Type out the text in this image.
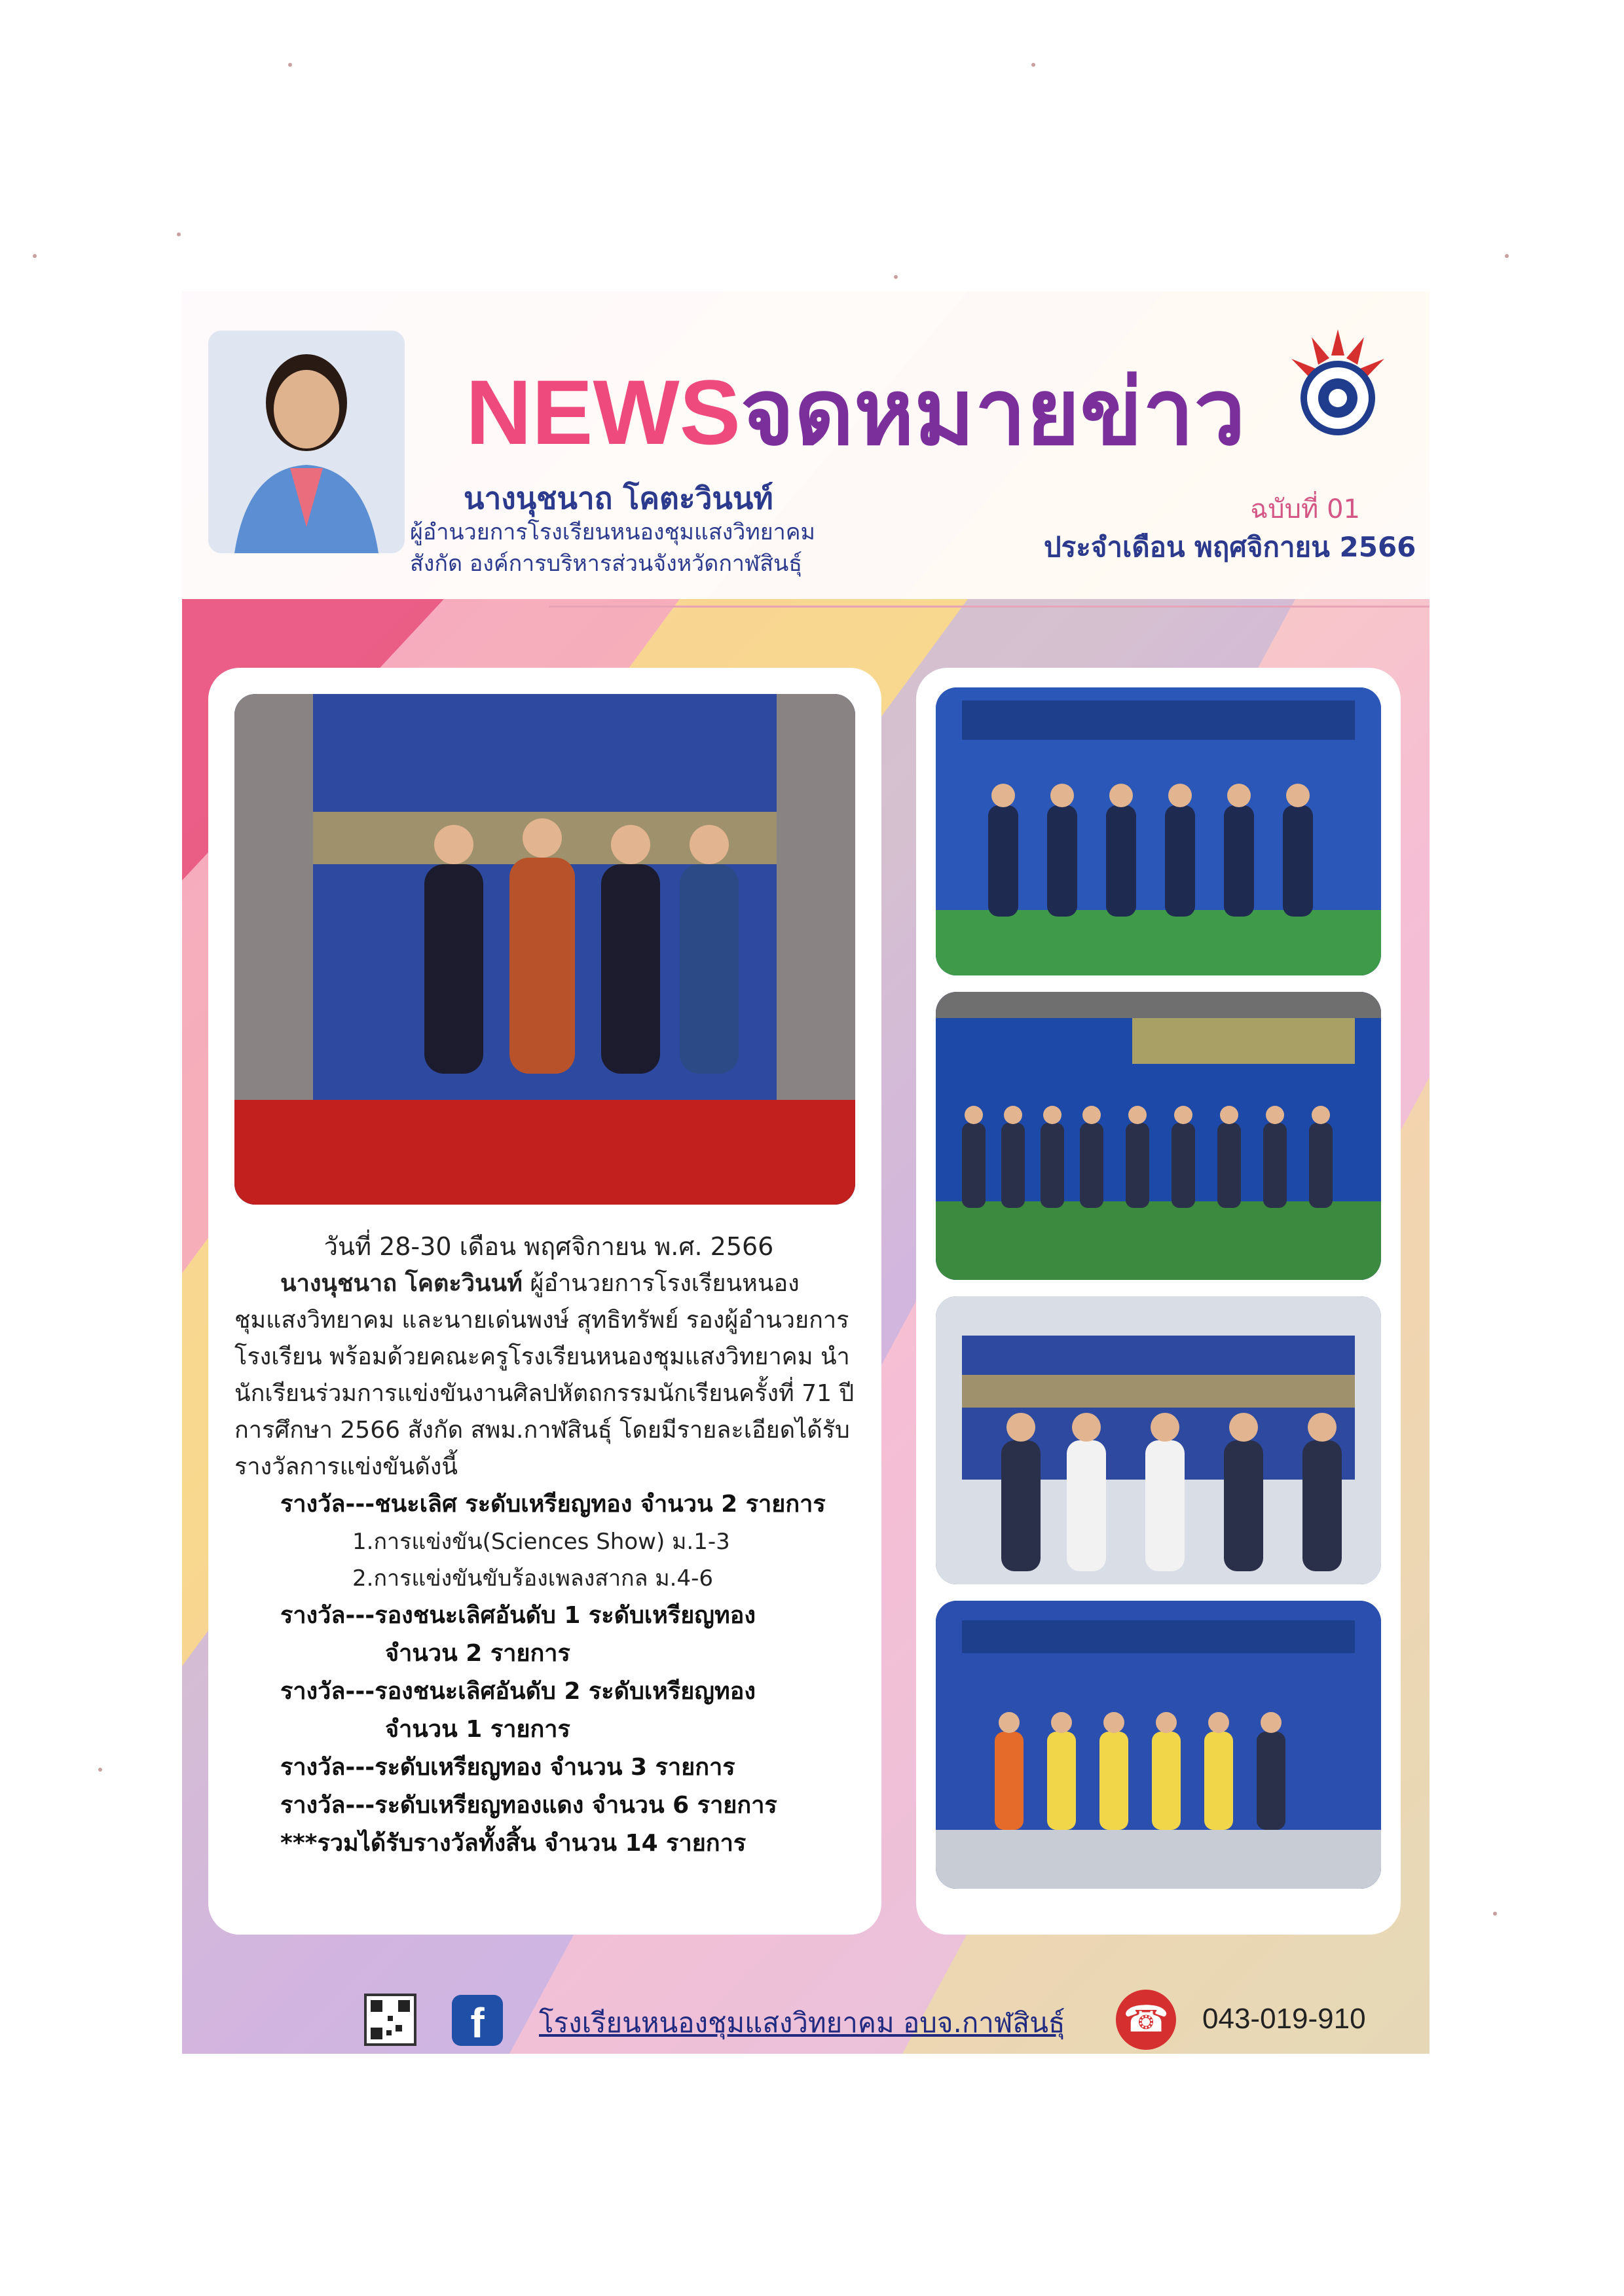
NEWSจดหมายข่าว
นางนุชนาถ โคตะวินนท์
ผู้อำนวยการโรงเรียนหนองชุมแสงวิทยาคม
สังกัด องค์การบริหารส่วนจังหวัดกาฬสินธุ์
ฉบับที่ 01
ประจำเดือน พฤศจิกายน 2566

วันที่ 28-30 เดือน พฤศจิกายน พ.ศ. 2566

นางนุชนาถ โคตะวินนท์ ผู้อำนวยการโรงเรียนหนองชุมแสงวิทยาคม และนายเด่นพงษ์ สุทธิทรัพย์ รองผู้อำนวยการโรงเรียน พร้อมด้วยคณะครูโรงเรียนหนองชุมแสงวิทยาคม นำนักเรียนร่วมการแข่งขันงานศิลปหัตถกรรมนักเรียนครั้งที่ 71 ปีการศึกษา 2566 สังกัด สพม.กาฬสินธุ์ โดยมีรายละเอียดได้รับรางวัลการแข่งขันดังนี้

รางวัล---ชนะเลิศ ระดับเหรียญทอง จำนวน 2 รายการ

1.การแข่งขัน(Sciences Show) ม.1-3

2.การแข่งขันขับร้องเพลงสากล ม.4-6

รางวัล---รองชนะเลิศอันดับ 1 ระดับเหรียญทอง

จำนวน 2 รายการ

รางวัล---รองชนะเลิศอันดับ 2 ระดับเหรียญทอง

จำนวน 1 รายการ

รางวัล---ระดับเหรียญทอง จำนวน 3 รายการ

รางวัล---ระดับเหรียญทองแดง จำนวน 6 รายการ

***รวมได้รับรางวัลทั้งสิ้น จำนวน 14 รายการ

f	โรงเรียนหนองชุมแสงวิทยาคม อบจ.กาฬสินธุ์ ☎ 043-019-910
